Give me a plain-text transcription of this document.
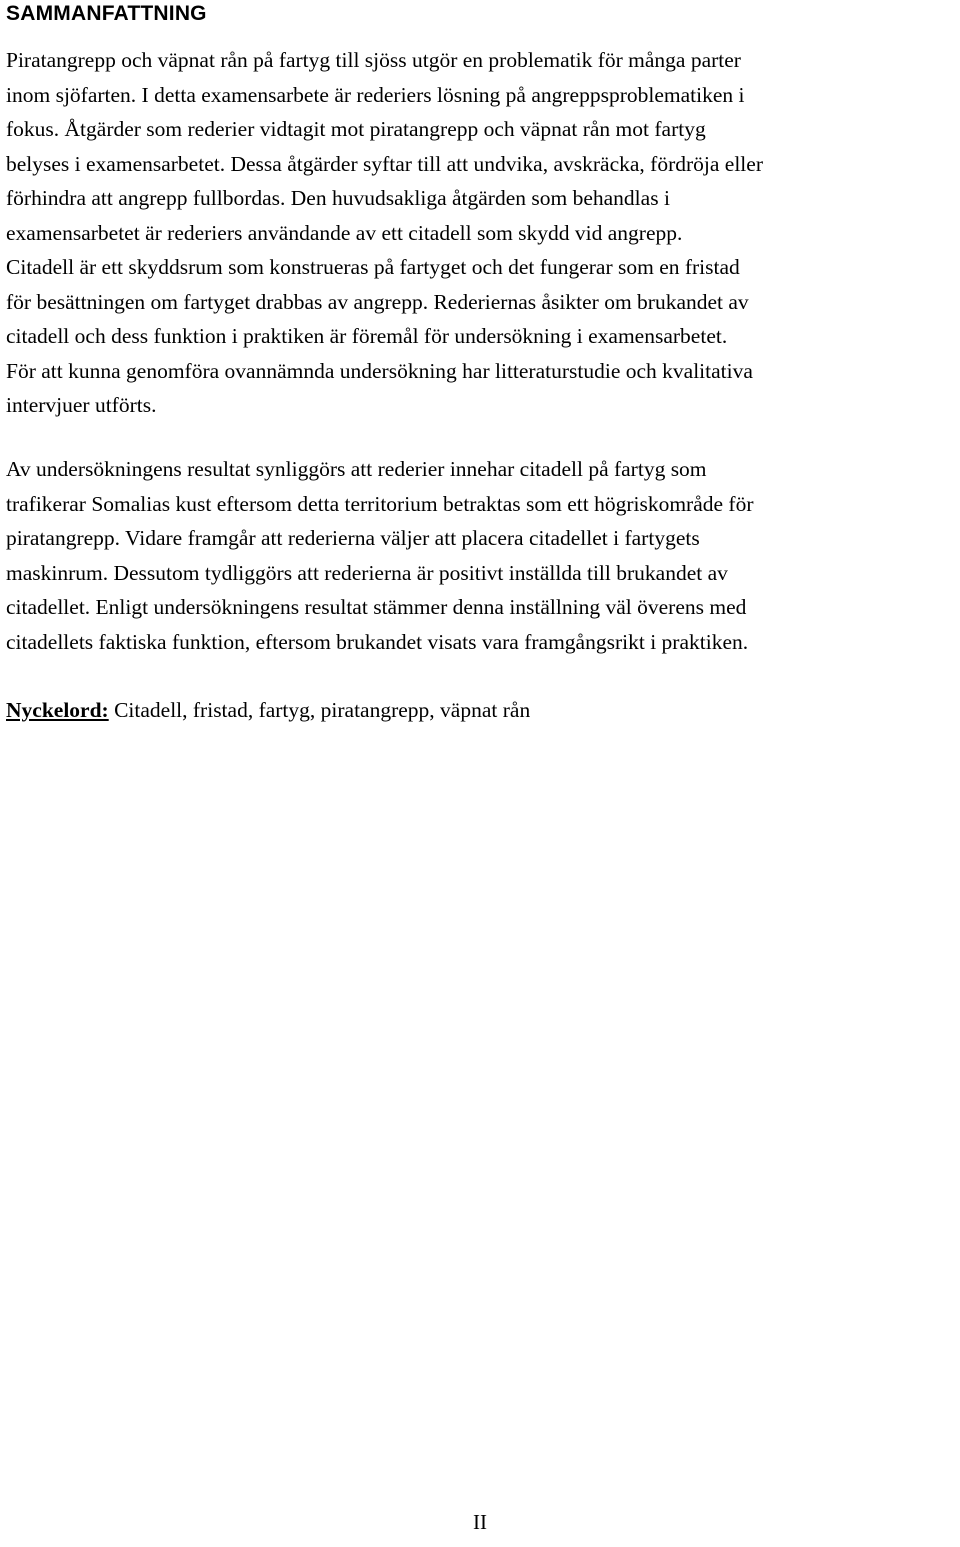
SAMMANFATTNING
Piratangrepp och väpnat rån på fartyg till sjöss utgör en problematik för många parter
inom sjöfarten. I detta examensarbete är rederiers lösning på angreppsproblematiken i
fokus. Åtgärder som rederier vidtagit mot piratangrepp och väpnat rån mot fartyg
belyses i examensarbetet. Dessa åtgärder syftar till att undvika, avskräcka, fördröja eller
förhindra att angrepp fullbordas. Den huvudsakliga åtgärden som behandlas i
examensarbetet är rederiers användande av ett citadell som skydd vid angrepp.
Citadell är ett skyddsrum som konstrueras på fartyget och det fungerar som en fristad
för besättningen om fartyget drabbas av angrepp. Rederiernas åsikter om brukandet av
citadell och dess funktion i praktiken är föremål för undersökning i examensarbetet.
För att kunna genomföra ovannämnda undersökning har litteraturstudie och kvalitativa
intervjuer utförts.
Av undersökningens resultat synliggörs att rederier innehar citadell på fartyg som
trafikerar Somalias kust eftersom detta territorium betraktas som ett högriskområde för
piratangrepp. Vidare framgår att rederierna väljer att placera citadellet i fartygets
maskinrum. Dessutom tydliggörs att rederierna är positivt inställda till brukandet av
citadellet. Enligt undersökningens resultat stämmer denna inställning väl överens med
citadellets faktiska funktion, eftersom brukandet visats vara framgångsrikt i praktiken.
Nyckelord: Citadell, fristad, fartyg, piratangrepp, väpnat rån
II
